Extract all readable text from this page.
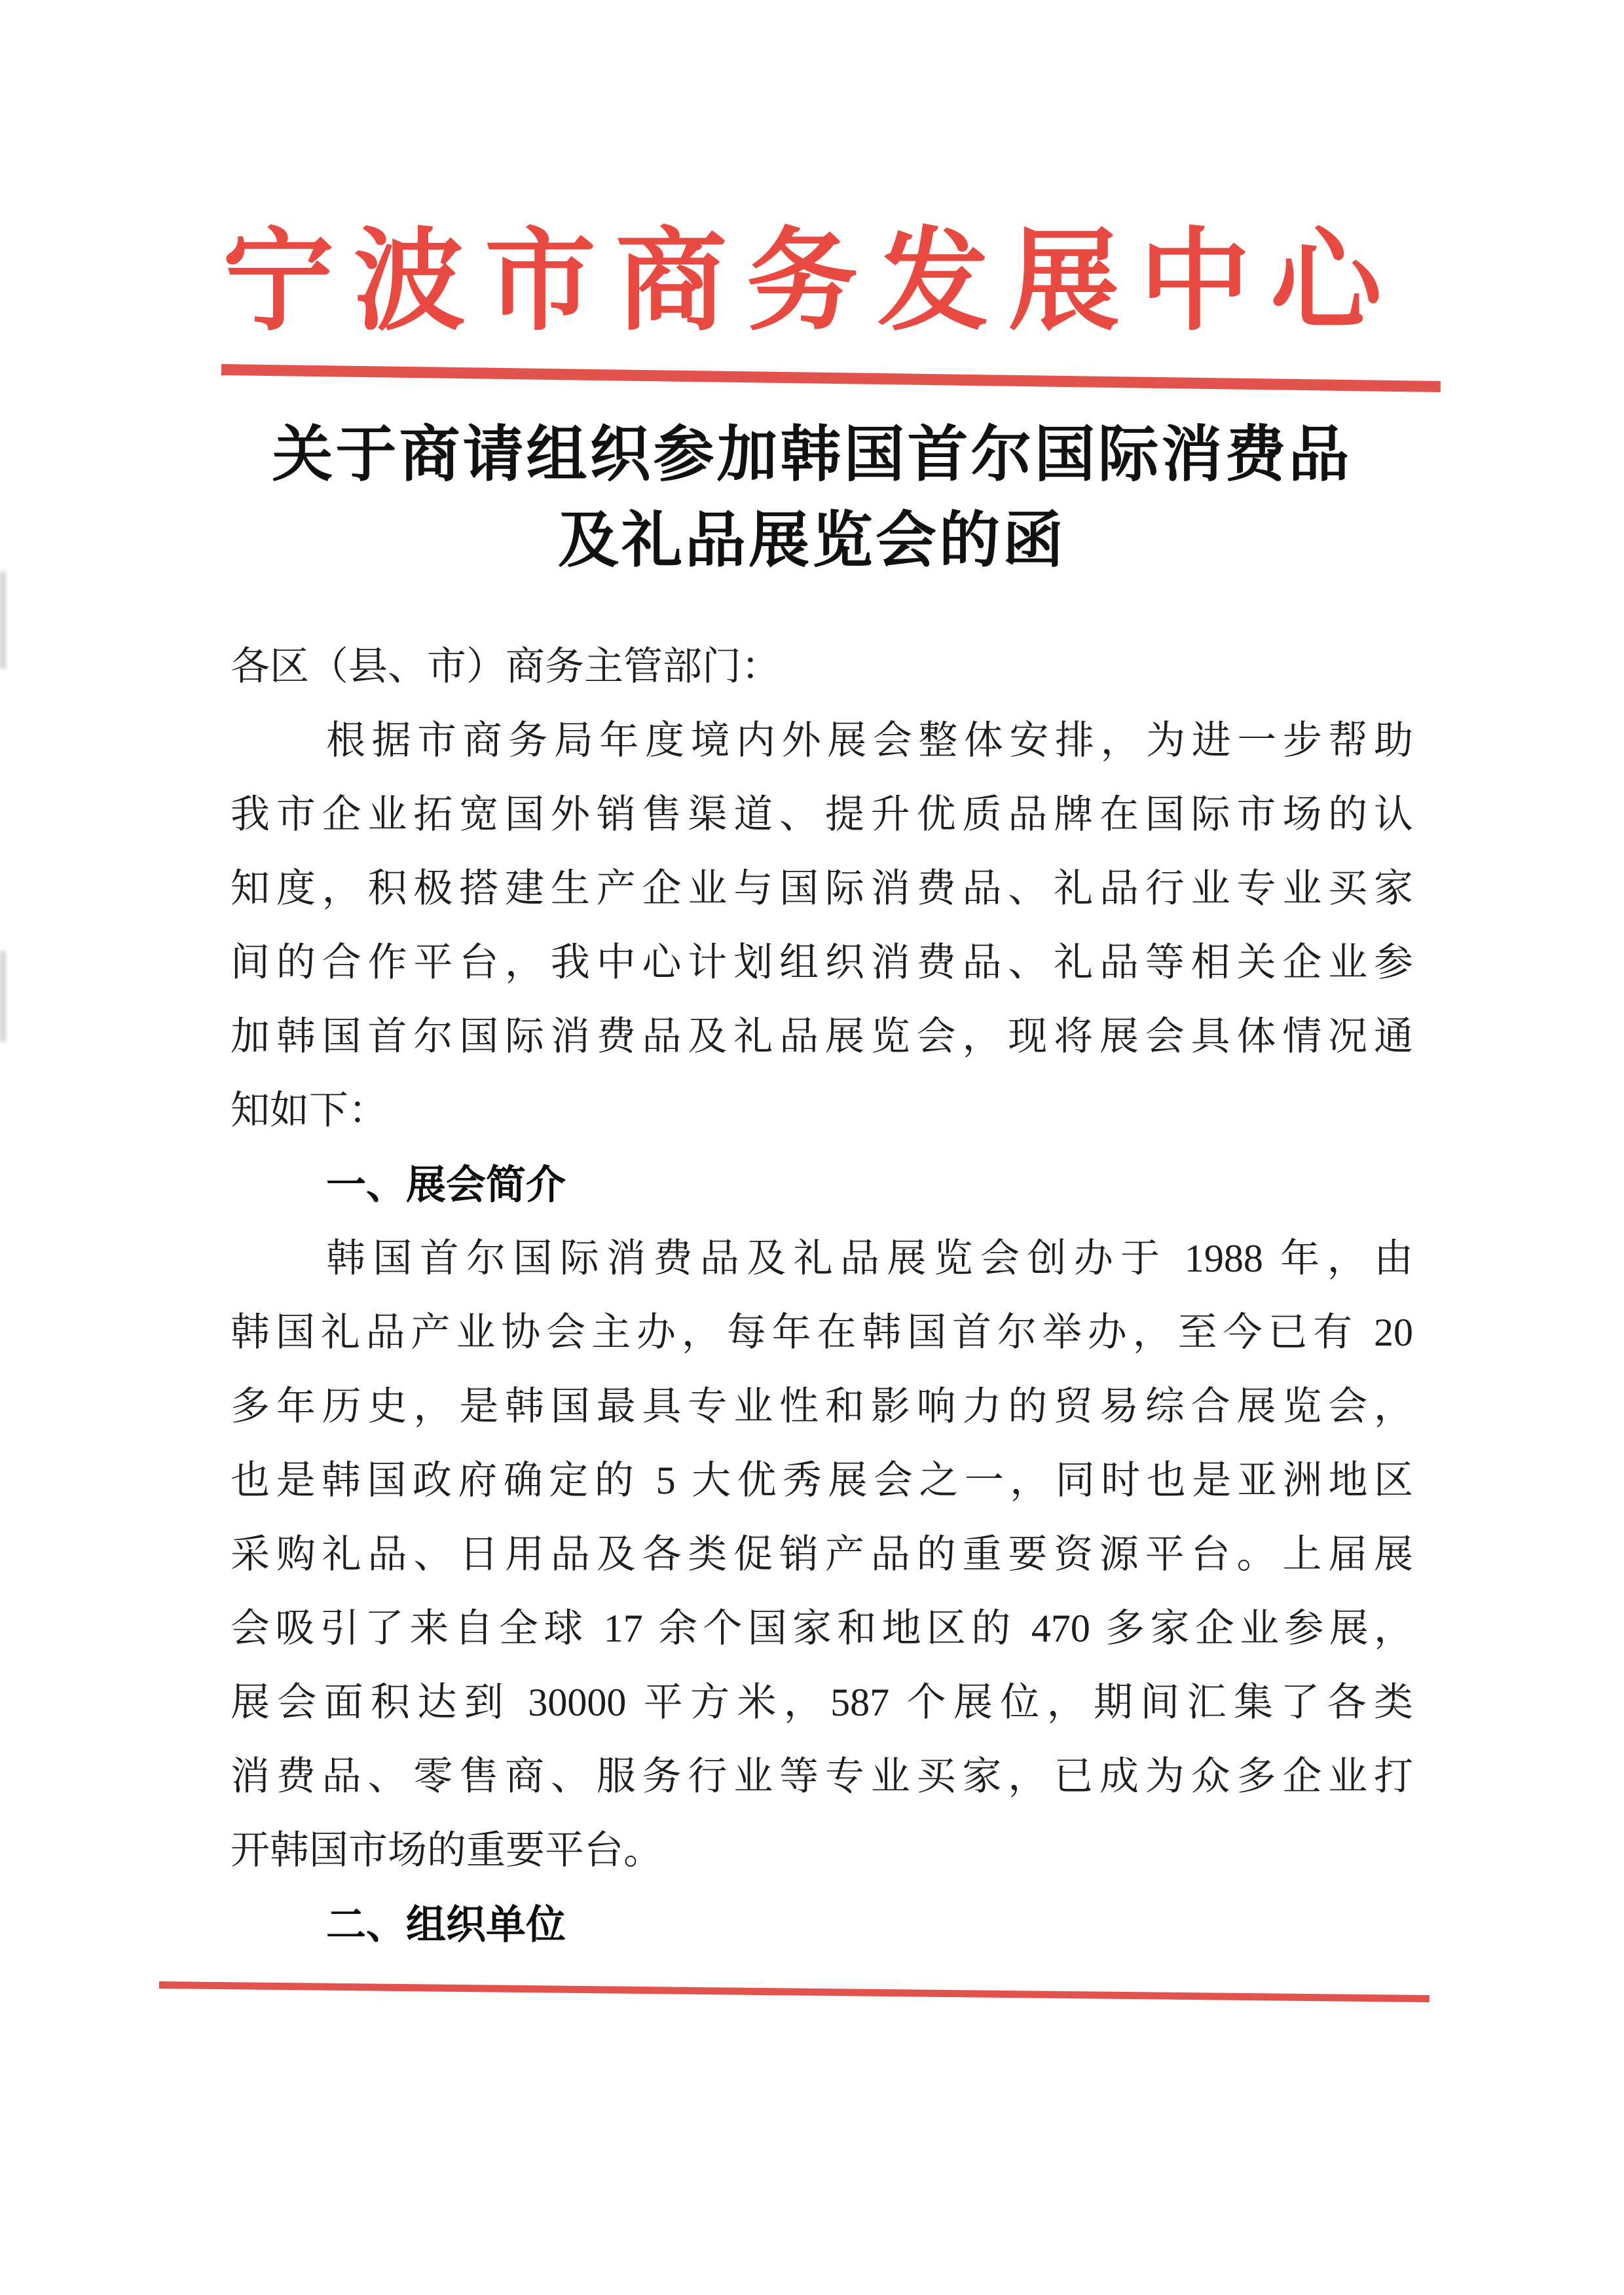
宁波市商务发展中心
关于商请组织参加韩国首尔国际消费品
及礼品展览会的函
各区（县、市）商务主管部门：
根据市商务局年度境内外展会整体安排，为进一步帮助
我市企业拓宽国外销售渠道、提升优质品牌在国际市场的认
知度，积极搭建生产企业与国际消费品、礼品行业专业买家
间的合作平台，我中心计划组织消费品、礼品等相关企业参
加韩国首尔国际消费品及礼品展览会，现将展会具体情况通
知如下：
一、展会简介
韩国首尔国际消费品及礼品展览会创办于 1988 年，由
韩国礼品产业协会主办，每年在韩国首尔举办，至今已有 20
多年历史，是韩国最具专业性和影响力的贸易综合展览会，
也是韩国政府确定的 5 大优秀展会之一，同时也是亚洲地区
采购礼品、日用品及各类促销产品的重要资源平台。上届展
会吸引了来自全球 17 余个国家和地区的 470 多家企业参展，
展会面积达到 30000 平方米，587 个展位，期间汇集了各类
消费品、零售商、服务行业等专业买家，已成为众多企业打
开韩国市场的重要平台。
二、组织单位
